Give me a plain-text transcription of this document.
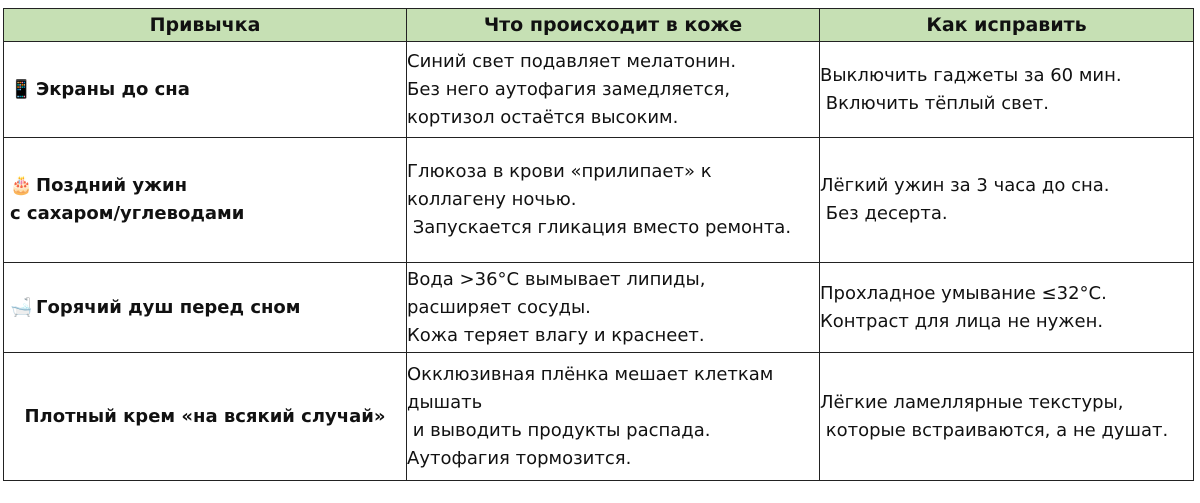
Привычка	Что происходит в коже	Как исправить
📱 Экраны до сна	Синий свет подавляет мелатонин.
Без него аутофагия замедляется,
кортизол остаётся высоким.	Выключить гаджеты за 60 мин.
Включить тёплый свет.

🎂 Поздний ужин
с сахаром/углеводами	Глюкоза в крови «прилипает» к
коллагену ночью.
Запускается гликация вместо ремонта.	Лёгкий ужин за 3 часа до сна.
Без десерта.

🛁 Горячий душ перед сном	Вода >36°C вымывает липиды,
расширяет сосуды.
Кожа теряет влагу и краснеет.	Прохладное умывание ≤32°C.
Контраст для лица не нужен.

Плотный крем «на всякий случай»	Окклюзивная плёнка мешает клеткам
дышать
и выводить продукты распада.
Аутофагия тормозится.	Лёгкие ламеллярные текстуры,
которые встраиваются, а не душат.
